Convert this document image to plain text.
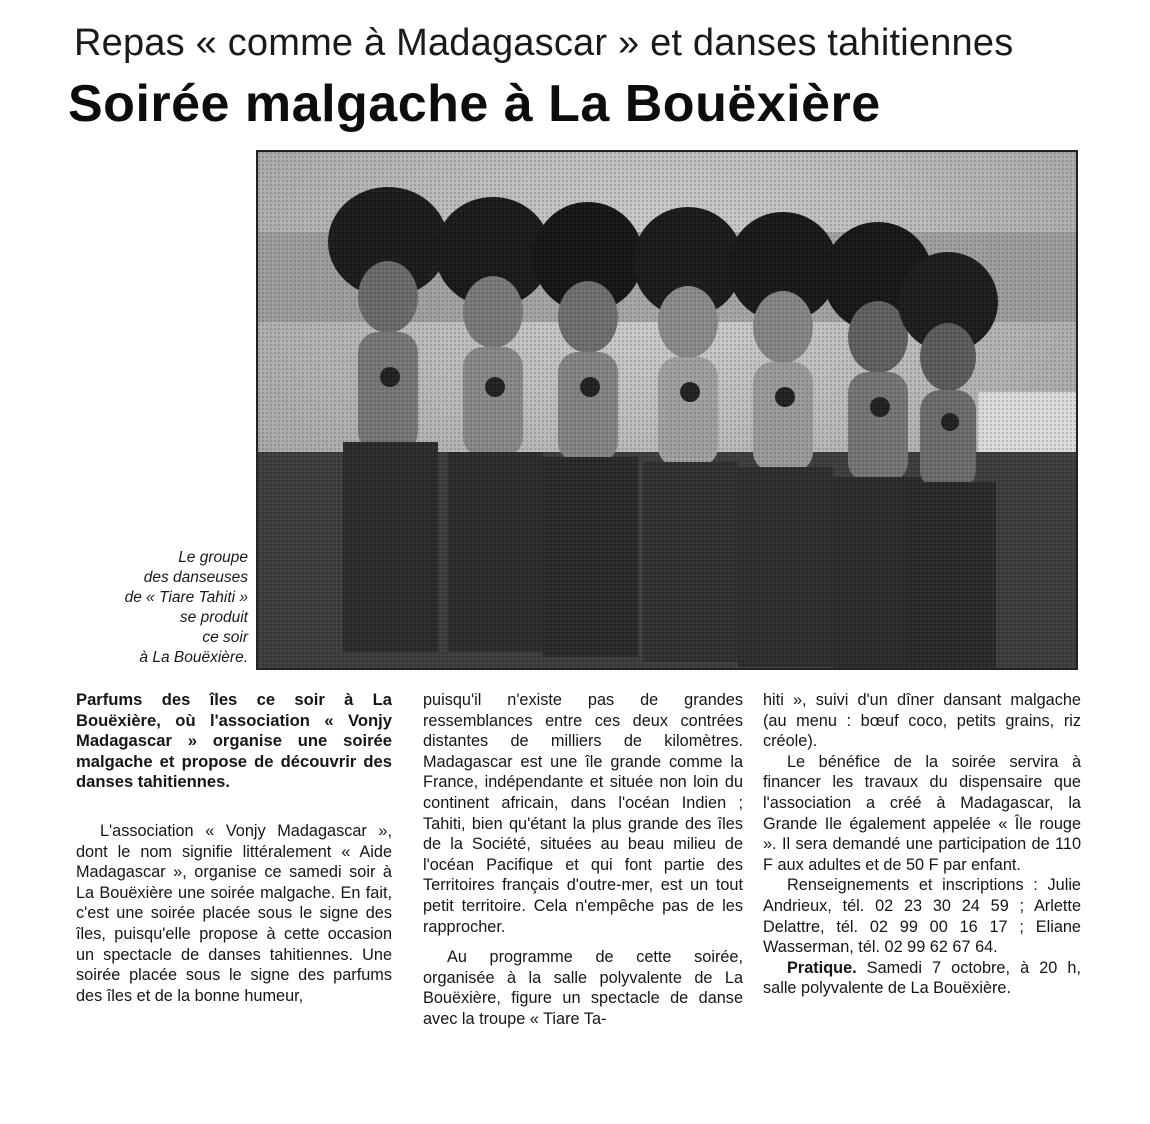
Repas « comme à Madagascar » et danses tahitiennes
Soirée malgache à La Bouëxière
Le groupe
des danseuses
de « Tiare Tahiti »
se produit
ce soir
à La Bouëxière.

Parfums des îles ce soir à La Bouëxière, où l'association « Vonjy Madagascar » organise une soirée malgache et propose de découvrir des danses tahitiennes.

L'association « Vonjy Madagascar », dont le nom signifie littéralement « Aide Madagascar », organise ce samedi soir à La Bouëxière une soirée malgache. En fait, c'est une soirée placée sous le signe des îles, puisqu'elle propose à cette occasion un spectacle de danses tahitiennes. Une soirée placée sous le signe des parfums des îles et de la bonne humeur,

puisqu'il n'existe pas de grandes ressemblances entre ces deux contrées distantes de milliers de kilomètres. Madagascar est une île grande comme la France, indépendante et située non loin du continent africain, dans l'océan Indien ; Tahiti, bien qu'étant la plus grande des îles de la Société, situées au beau milieu de l'océan Pacifique et qui font partie des Territoires français d'outre-mer, est un tout petit territoire. Cela n'empêche pas de les rapprocher.

Au programme de cette soirée, organisée à la salle polyvalente de La Bouëxière, figure un spectacle de danse avec la troupe « Tiare Ta-

hiti », suivi d'un dîner dansant malgache (au menu : bœuf coco, petits grains, riz créole).

Le bénéfice de la soirée servira à financer les travaux du dispensaire que l'association a créé à Madagascar, la Grande Ile également appelée « Île rouge ». Il sera demandé une participation de 110 F aux adultes et de 50 F par enfant.

Renseignements et inscriptions : Julie Andrieux, tél. 02 23 30 24 59 ; Arlette Delattre, tél. 02 99 00 16 17 ; Eliane Wasserman, tél. 02 99 62 67 64.

Pratique. Samedi 7 octobre, à 20 h, salle polyvalente de La Bouëxière.
